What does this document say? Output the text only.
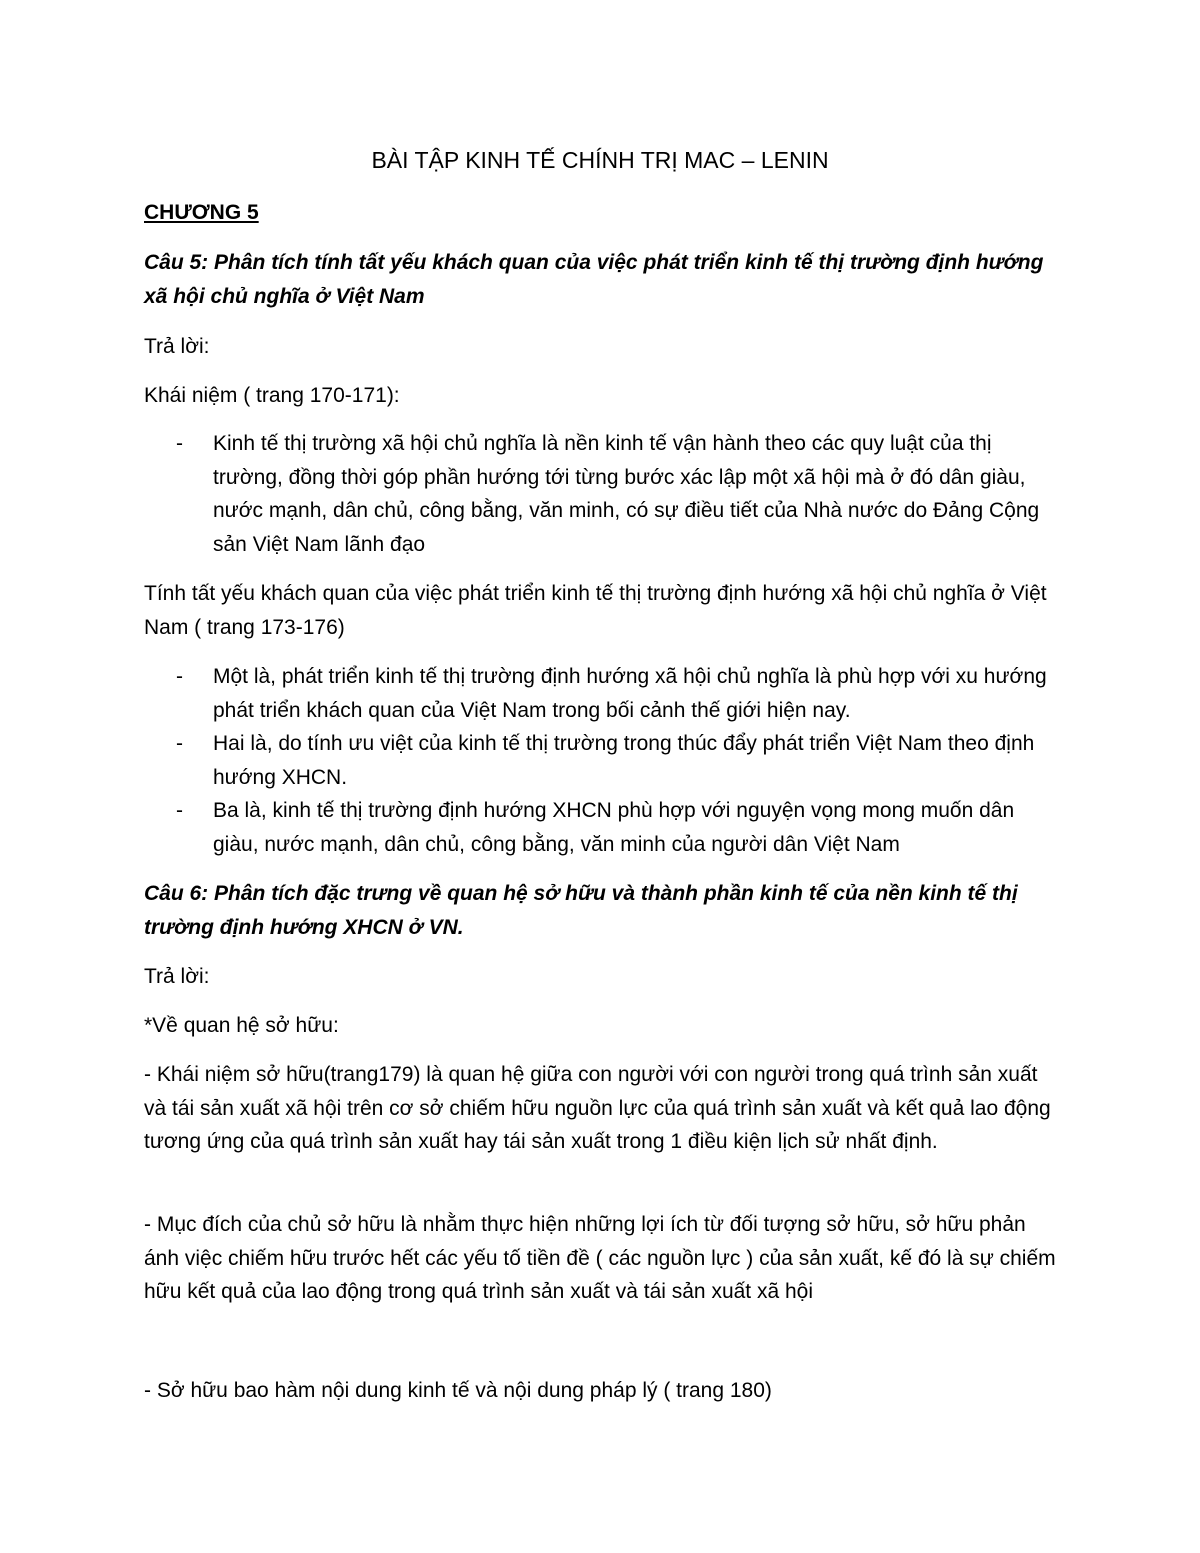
BÀI TẬP KINH TẾ CHÍNH TRỊ MAC – LENIN
CHƯƠNG 5

Câu 5: Phân tích tính tất yếu khách quan của việc phát triển kinh tế thị trường định hướng xã hội chủ nghĩa ở Việt Nam

Trả lời:

Khái niệm ( trang 170-171):

- Kinh tế thị trường xã hội chủ nghĩa là nền kinh tế vận hành theo các quy luật của thị trường, đồng thời góp phần hướng tới từng bước xác lập một xã hội mà ở đó dân giàu, nước mạnh, dân chủ, công bằng, văn minh, có sự điều tiết của Nhà nước do Đảng Cộng sản Việt Nam lãnh đạo

Tính tất yếu khách quan của việc phát triển kinh tế thị trường định hướng xã hội chủ nghĩa ở Việt Nam ( trang 173-176)

- Một là, phát triển kinh tế thị trường định hướng xã hội chủ nghĩa là phù hợp với xu hướng phát triển khách quan của Việt Nam trong bối cảnh thế giới hiện nay.
- Hai là, do tính ưu việt của kinh tế thị trường trong thúc đẩy phát triển Việt Nam theo định hướng XHCN.
- Ba là, kinh tế thị trường định hướng XHCN phù hợp với nguyện vọng mong muốn dân giàu, nước mạnh, dân chủ, công bằng, văn minh của người dân Việt Nam

Câu 6: Phân tích đặc trưng về quan hệ sở hữu và thành phần kinh tế của nền kinh tế thị trường định hướng XHCN ở VN.

Trả lời:

*Về quan hệ sở hữu:

- Khái niệm sở hữu(trang179) là quan hệ giữa con người với con người trong quá trình sản xuất và tái sản xuất xã hội trên cơ sở chiếm hữu nguồn lực của quá trình sản xuất và kết quả lao động tương ứng của quá trình sản xuất hay tái sản xuất trong 1 điều kiện lịch sử nhất định.

- Mục đích của chủ sở hữu là nhằm thực hiện những lợi ích từ đối tượng sở hữu, sở hữu phản ánh việc chiếm hữu trước hết các yếu tố tiền đề ( các nguồn lực ) của sản xuất, kế đó là sự chiếm hữu kết quả của lao động trong quá trình sản xuất và tái sản xuất xã hội

- Sở hữu bao hàm nội dung kinh tế và nội dung pháp lý ( trang 180)
